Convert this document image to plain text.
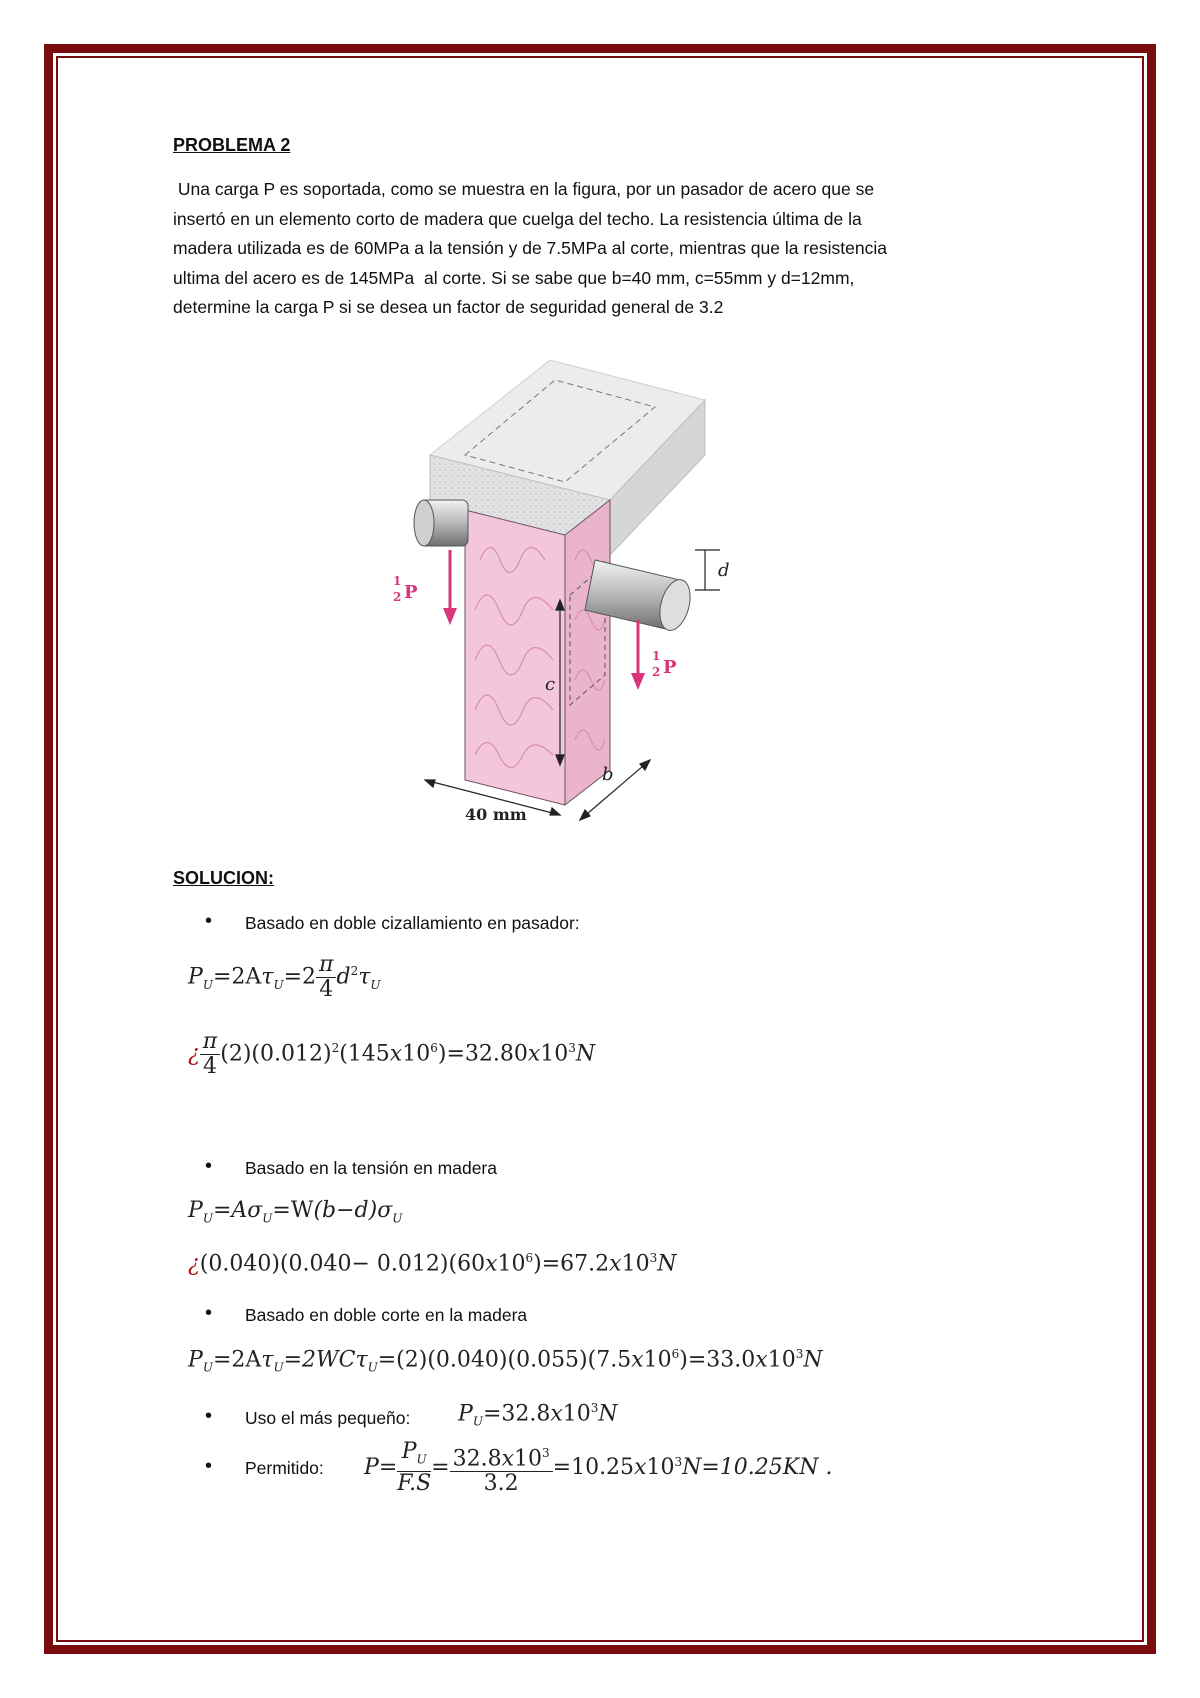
PROBLEMA 2
Una carga P es soportada, como se muestra en la figura, por un pasador de acero que se
insertó en un elemento corto de madera que cuelga del techo. La resistencia última de la
madera utilizada es de 60MPa a la tensión y de 7.5MPa al corte, mientras que la resistencia
ultima del acero es de 145MPa  al corte. Si se sabe que b=40 mm, c=55mm y d=12mm,
determine la carga P si se desea un factor de seguridad general de 3.2
c
d
b
40 mm
1
2 P
1
2 P
SOLUCION:
Basado en doble cizallamiento en pasador:
$P_U=2A\tau_U=2 \frac{\pi}{4} d^2\tau_U$
¿ $\frac{\pi}{4} (2)(0.012)^2(145x10^6)=32.80x10^3N$
Basado en la tensión en madera
$P_U=A\sigma_U=W(b-d)\sigma_U$
¿$(0.040)(0.040- 0.012)(60x10^6)=67.2x10^3N$
Basado en doble corte en la madera
$P_U=2A\tau_U=2WC\tau_U=(2)(0.040)(0.055)(7.5x10^6)=33.0x10^3N$
Uso el más pequeño: $P_U=32.8x10^3N$
Permitido: $P= \frac{P_U}{F.S} = \frac{32.8x10^3}{3.2} =10.25x10^3N=10.25KN$ .
